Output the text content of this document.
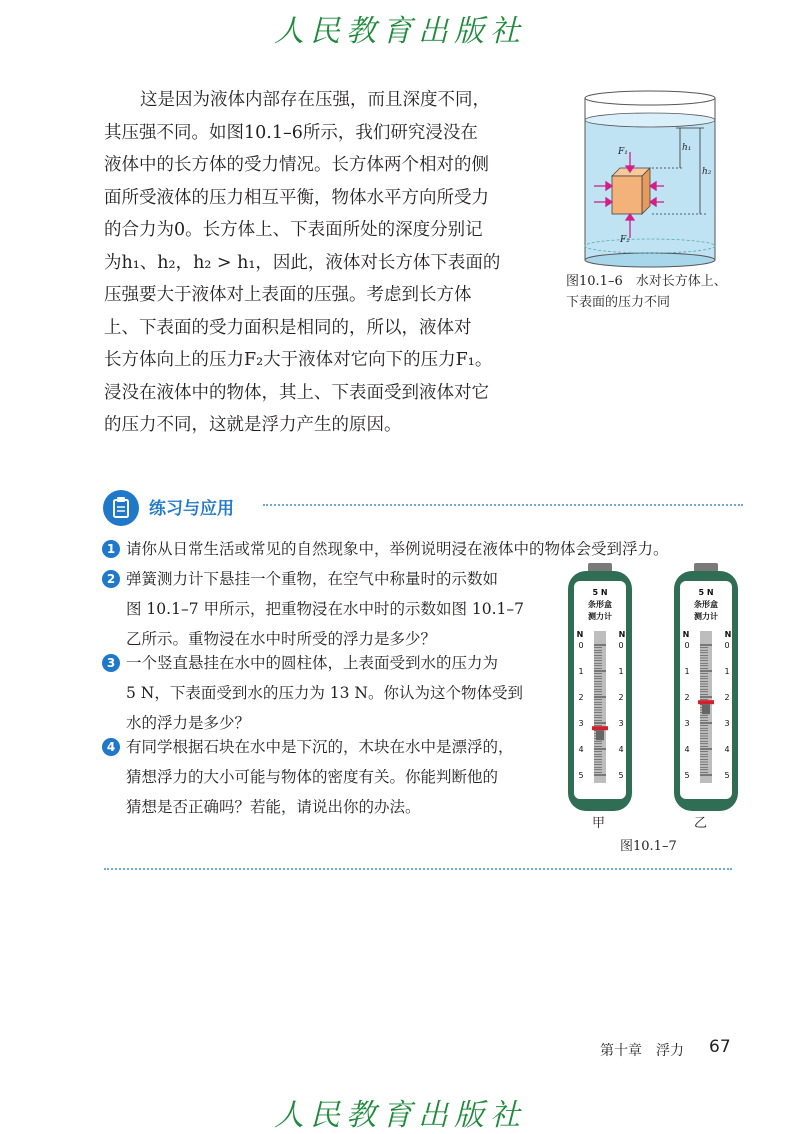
人民教育出版社
这是因为液体内部存在压强，而且深度不同，
其压强不同。如图10.1–6所示，我们研究浸没在
液体中的长方体的受力情况。长方体两个相对的侧
面所受液体的压力相互平衡，物体水平方向所受力
的合力为0。长方体上、下表面所处的深度分别记
为h₁、h₂，h₂ > h₁，因此，液体对长方体下表面的
压强要大于液体对上表面的压强。考虑到长方体
上、下表面的受力面积是相同的，所以，液体对
长方体向上的压力F₂大于液体对它向下的压力F₁。
浸没在液体中的物体，其上、下表面受到液体对它
的压力不同，这就是浮力产生的原因。
h₁
h₂
F₁
F₂
图10.1–6　水对长方体上、
下表面的压力不同
练习与应用
1 请你从日常生活或常见的自然现象中，举例说明浸在液体中的物体会受到浮力。
2 弹簧测力计下悬挂一个重物，在空气中称量时的示数如
图 10.1–7 甲所示，把重物浸在水中时的示数如图 10.1–7
乙所示。重物浸在水中时所受的浮力是多少？
3 一个竖直悬挂在水中的圆柱体，上表面受到水的压力为
5 N，下表面受到水的压力为 13 N。你认为这个物体受到
水的浮力是多少？
4 有同学根据石块在水中是下沉的，木块在水中是漂浮的，
猜想浮力的大小可能与物体的密度有关。你能判断他的
猜想是否正确吗？若能，请说出你的办法。
5 N
条形盒
测力计
N	N
0	0
1	1
2	2
3	3
4	4
5	5
5 N
条形盒
测力计
N	N
0	0
1	1
2	2
3	3
4	4
5	5
甲	乙
图10.1–7
第十章　浮力 67
人民教育出版社
